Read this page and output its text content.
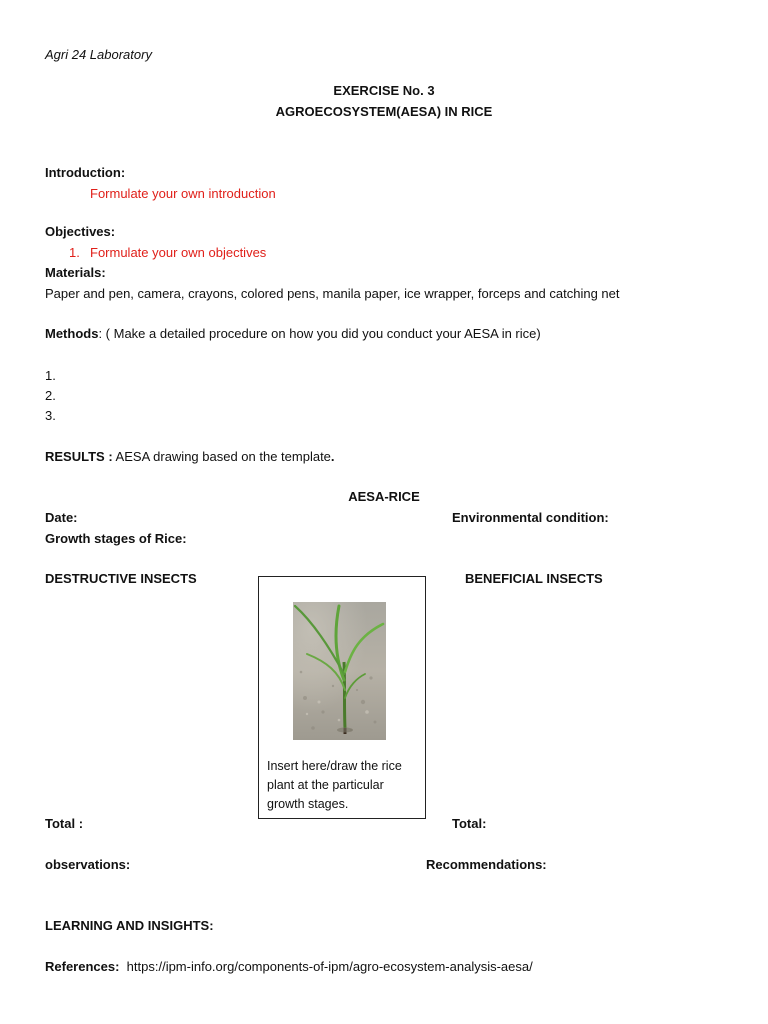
Agri 24 Laboratory
EXERCISE No. 3
AGROECOSYSTEM(AESA) IN RICE
Introduction:
Formulate your own introduction
Objectives:
1. Formulate your own objectives
Materials:
Paper and pen, camera, crayons, colored pens, manila paper, ice wrapper, forceps and catching net
Methods: ( Make a detailed procedure on how you did you conduct your AESA in rice)
1.
2.
3.
RESULTS : AESA drawing based on the template.
AESA-RICE
Date:	Environmental condition:
Growth stages of Rice:
DESTRUCTIVE INSECTS	BENEFICIAL INSECTS
Insert here/draw the rice plant at the particular growth stages.
Total :	Total:
observations:	Recommendations:
LEARNING AND INSIGHTS:
References: https://ipm-info.org/components-of-ipm/agro-ecosystem-analysis-aesa/
